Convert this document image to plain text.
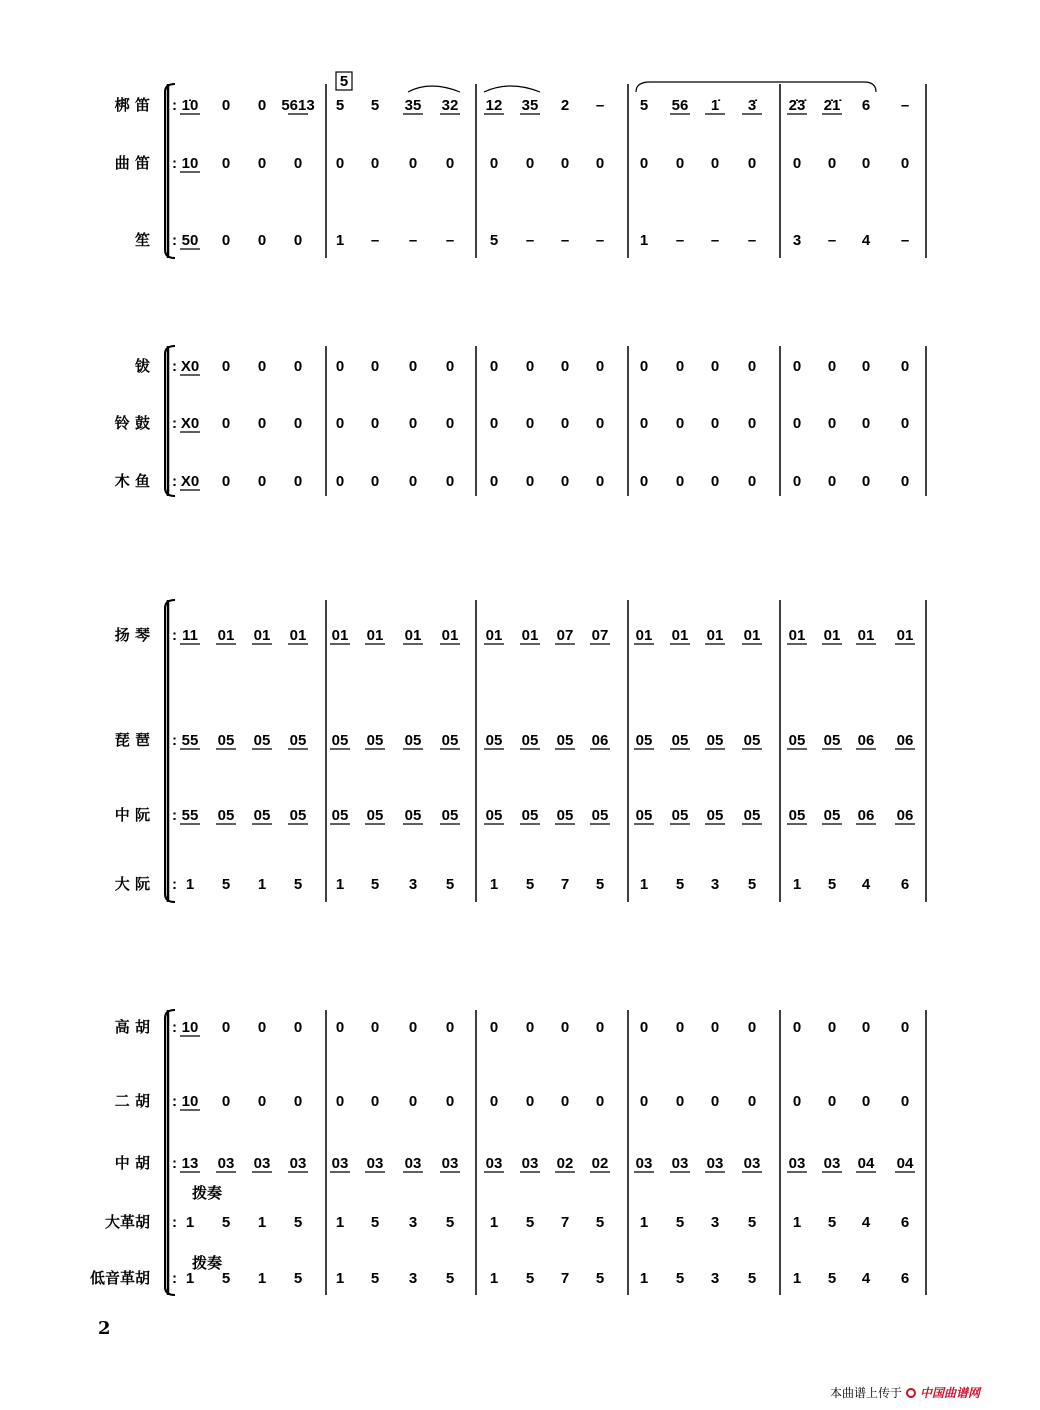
梆 笛 : 1̇0 0 0 5613 5 5 35 32 12 35 2 – 5 56 1̇ 3̇ 2̇3̇ 2̇1̇ 6 –
曲 笛 : 10 0 0 0 0 0 0 0 0 0 0 0 0 0 0 0 0 0 0 0
笙 : 50 0 0 0 1 – – – 5 – – – 1 – – – 3 – 4 –
钹 : X0 0 0 0 0 0 0 0 0 0 0 0 0 0 0 0 0 0 0 0
铃 鼓 : X0 0 0 0 0 0 0 0 0 0 0 0 0 0 0 0 0 0 0 0
木 鱼 : X0 0 0 0 0 0 0 0 0 0 0 0 0 0 0 0 0 0 0 0
扬 琴 : 11 01 01 01 01 01 01 01 01 01 07 07 01 01 01 01 01 01 01 01
琵 琶 : 55 05 05 05 05 05 05 05 05 05 05 06 05 05 05 05 05 05 06 06
中 阮 : 55 05 05 05 05 05 05 05 05 05 05 05 05 05 05 05 05 05 06 06
大 阮 : 1 5 1 5 1 5 3 5 1 5 7 5 1 5 3 5 1 5 4 6
高 胡 : 10 0 0 0 0 0 0 0 0 0 0 0 0 0 0 0 0 0 0 0
二 胡 : 10 0 0 0 0 0 0 0 0 0 0 0 0 0 0 0 0 0 0 0
中 胡 : 13 03 03 03 03 03 03 03 03 03 02 02 03 03 03 03 03 03 04 04
大革胡 : 1 5 1 5 1 5 3 5 1 5 7 5 1 5 3 5 1 5 4 6
低音革胡 : 1 5 1 5 1 5 3 5 1 5 7 5 1 5 3 5 1 5 4 6
5
拨奏
拨奏
2
本曲谱上传于 中国曲谱网
